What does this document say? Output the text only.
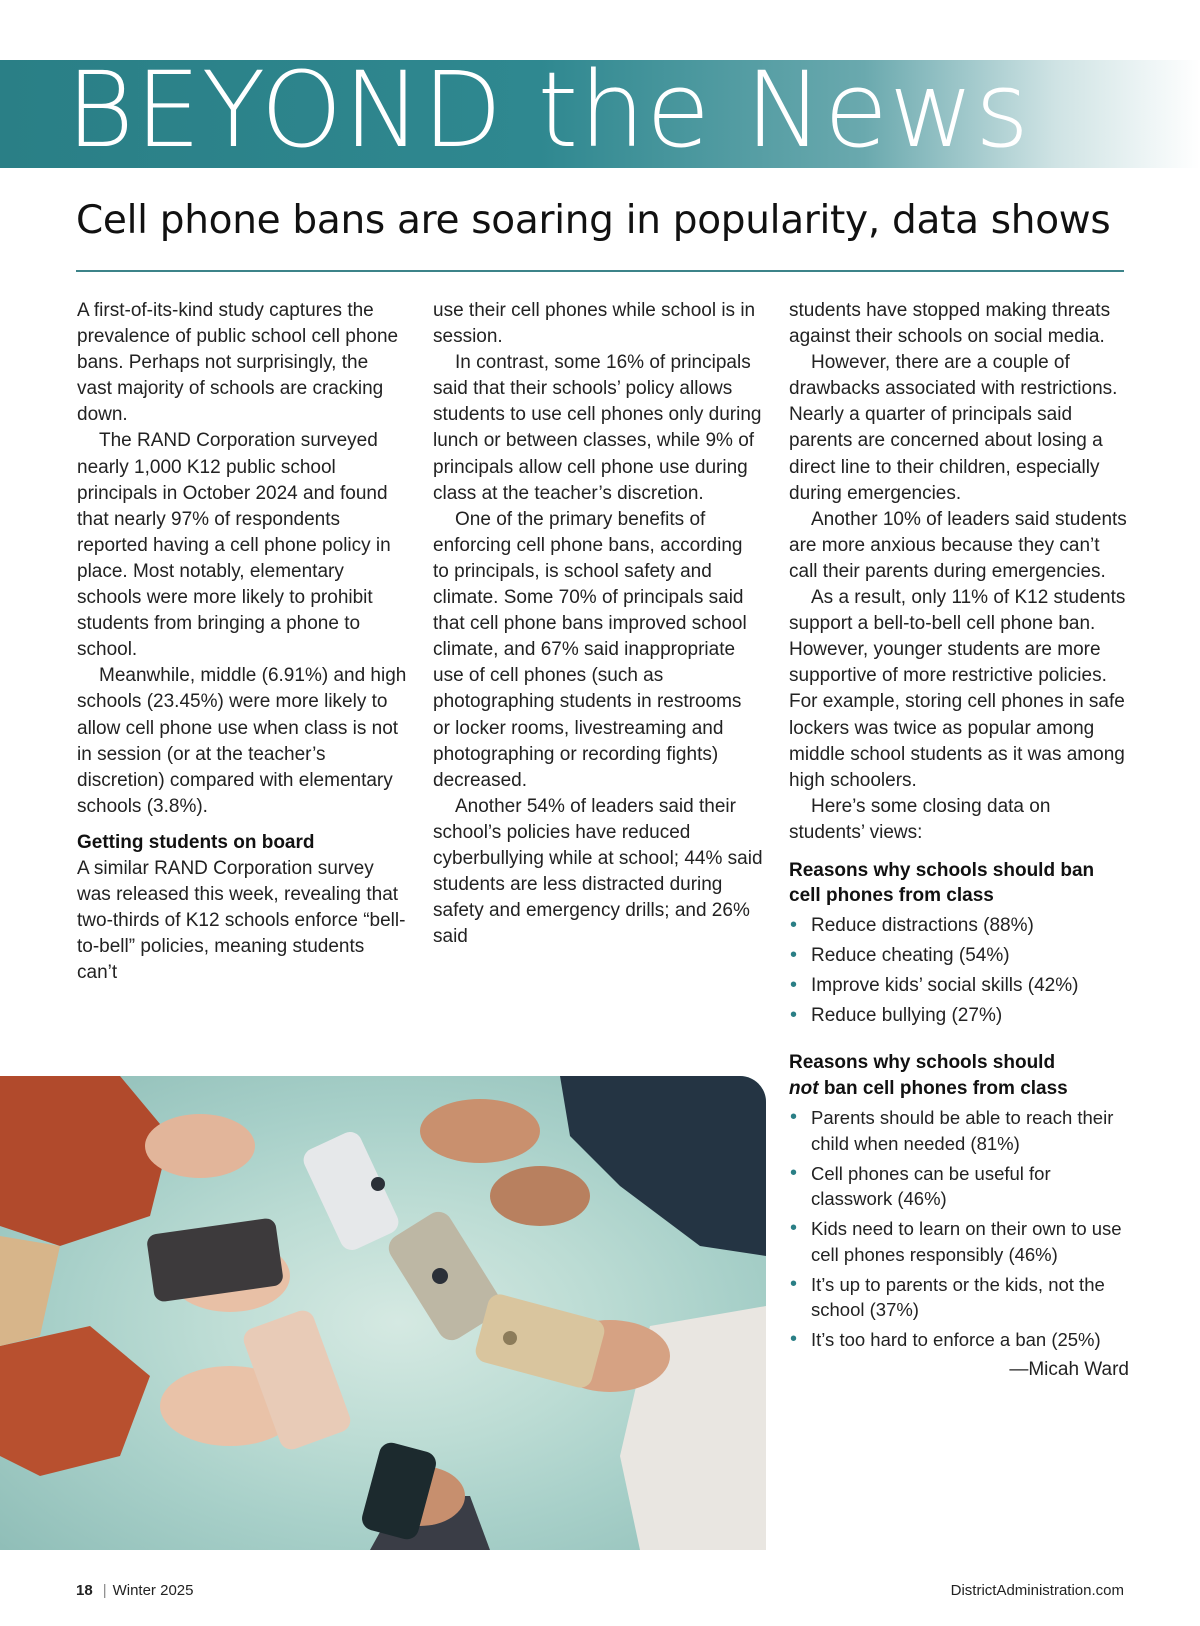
BEYOND the News
Cell phone bans are soaring in popularity, data shows

A first-of-its-kind study captures the prevalence of public school cell phone bans. Perhaps not surprisingly, the vast majority of schools are cracking down.

The RAND Corporation surveyed nearly 1,000 K12 public school principals in October 2024 and found that nearly 97% of respondents reported having a cell phone policy in place. Most notably, elementary schools were more likely to prohibit students from bringing a phone to school.

Meanwhile, middle (6.91%) and high schools (23.45%) were more likely to allow cell phone use when class is not in session (or at the teacher’s discretion) compared with elementary schools (3.8%).

Getting students on board

A similar RAND Corporation survey was released this week, revealing that two-thirds of K12 schools enforce “bell-to-bell” policies, meaning students can’t

use their cell phones while school is in session.

In contrast, some 16% of principals said that their schools’ policy allows students to use cell phones only during lunch or between classes, while 9% of principals allow cell phone use during class at the teacher’s discretion.

One of the primary benefits of enforcing cell phone bans, according to principals, is school safety and climate. Some 70% of principals said that cell phone bans improved school climate, and 67% said inappropriate use of cell phones (such as photographing students in restrooms or locker rooms, livestreaming and photographing or recording fights) decreased.

Another 54% of leaders said their school’s policies have reduced cyberbullying while at school; 44% said students are less distracted during safety and emergency drills; and 26% said

students have stopped making threats against their schools on social media.

However, there are a couple of drawbacks associated with restrictions. Nearly a quarter of principals said parents are concerned about losing a direct line to their children, especially during emergencies.

Another 10% of leaders said students are more anxious because they can’t call their parents during emergencies.

As a result, only 11% of K12 students support a bell-to-bell cell phone ban. However, younger students are more supportive of more restrictive policies. For example, storing cell phones in safe lockers was twice as popular among middle school students as it was among high schoolers.

Here’s some closing data on students’ views:

Reasons why schools should ban cell phones from class

• Reduce distractions (88%)
• Reduce cheating (54%)
• Improve kids’ social skills (42%)
• Reduce bullying (27%)

Reasons why schools should
not ban cell phones from class

• Parents should be able to reach their child when needed (81%)
• Cell phones can be useful for classwork (46%)
• Kids need to learn on their own to use cell phones responsibly (46%)
• It’s up to parents or the kids, not the school (37%)
• It’s too hard to enforce a ban (25%)

—Micah Ward

18 | Winter 2025	DistrictAdministration.com
